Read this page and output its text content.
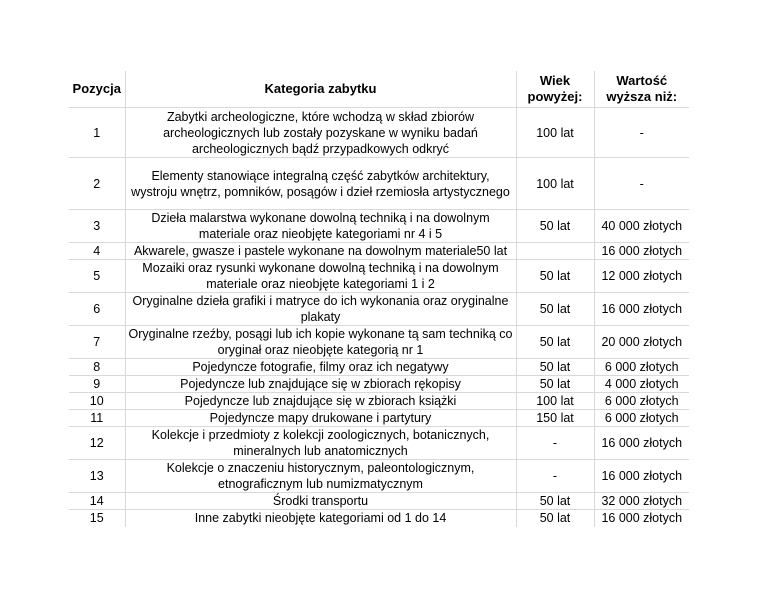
Pozycja	Kategoria zabytku	Wiek powyżej:	Wartość wyższa niż:
1	Zabytki archeologiczne, które wchodzą w skład zbiorów archeologicznych lub zostały pozyskane w wyniku badań archeologicznych bądź przypadkowych odkryć	100 lat	-
2	Elementy stanowiące integralną część zabytków architektury, wystroju wnętrz, pomników, posągów i dzieł rzemiosła artystycznego	100 lat	-
3	Dzieła malarstwa wykonane dowolną techniką i na dowolnym materiale oraz nieobjęte kategoriami nr 4 i 5	50 lat	40 000 złotych
4	Akwarele, gwasze i pastele wykonane na dowolnym materiale50 lat		16 000 złotych
5	Mozaiki oraz rysunki wykonane dowolną techniką i na dowolnym materiale oraz nieobjęte kategoriami 1 i 2	50 lat	12 000 złotych
6	Oryginalne dzieła grafiki i matryce do ich wykonania oraz oryginalne plakaty	50 lat	16 000 złotych
7	Oryginalne rzeźby, posągi lub ich kopie wykonane tą sam techniką co oryginał oraz nieobjęte kategorią nr 1	50 lat	20 000 złotych
8	Pojedyncze fotografie, filmy oraz ich negatywy	50 lat	6 000 złotych
9	Pojedyncze lub znajdujące się w zbiorach rękopisy	50 lat	4 000 złotych
10	Pojedyncze lub znajdujące się w zbiorach książki	100 lat	6 000 złotych
11	Pojedyncze mapy drukowane i partytury	150 lat	6 000 złotych
12	Kolekcje i przedmioty z kolekcji zoologicznych, botanicznych, mineralnych lub anatomicznych	-	16 000 złotych
13	Kolekcje o znaczeniu historycznym, paleontologicznym, etnograficznym lub numizmatycznym	-	16 000 złotych
14	Środki transportu	50 lat	32 000 złotych
15	Inne zabytki nieobjęte kategoriami od 1 do 14	50 lat	16 000 złotych
